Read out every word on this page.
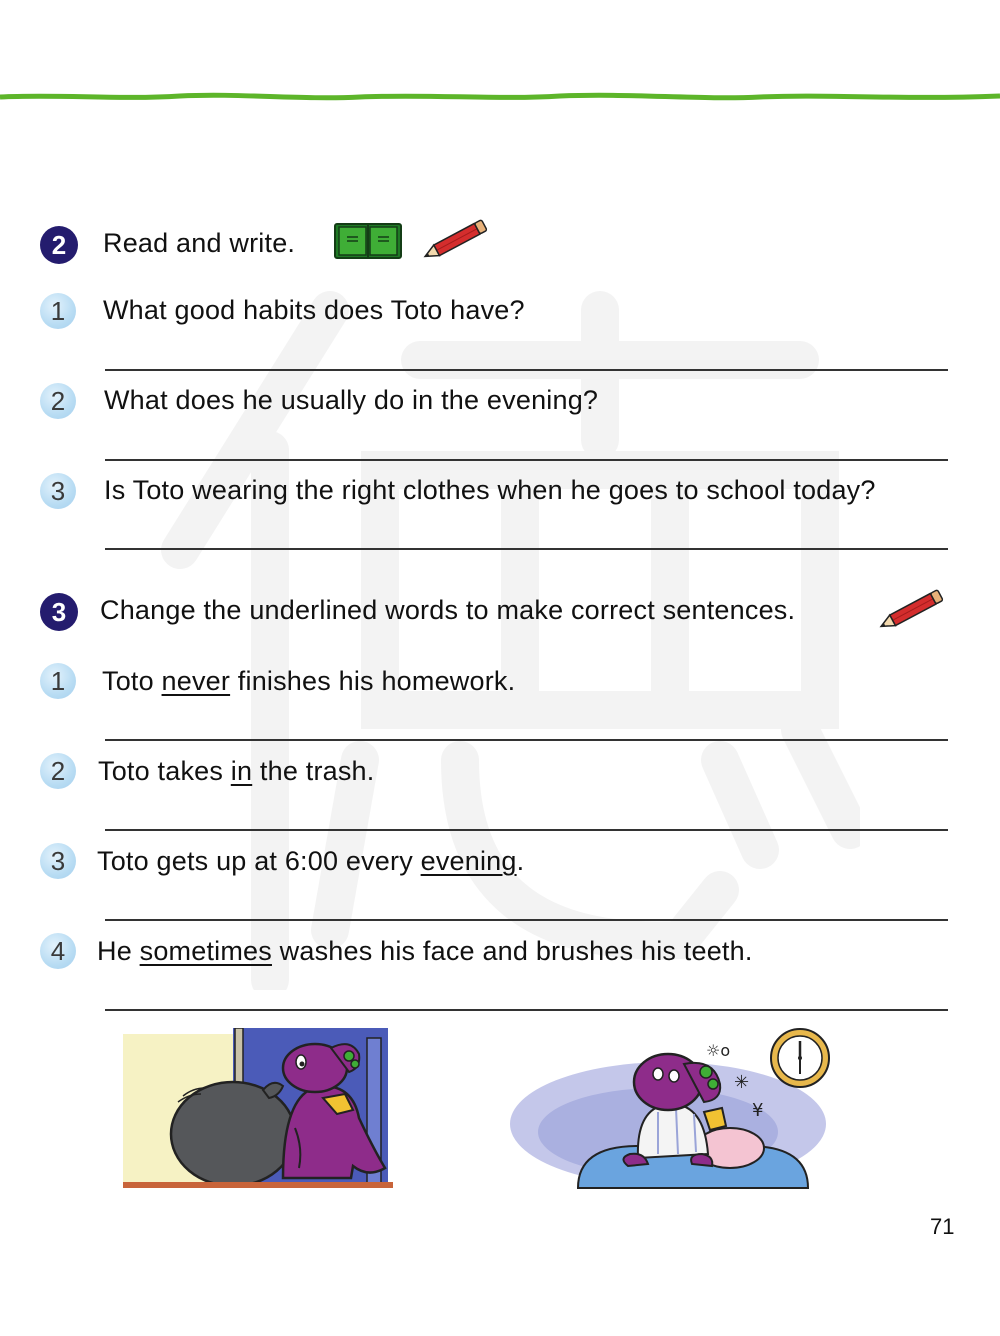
2	Read and write.
1	What good habits does Toto have?
2	What does he usually do in the evening?
3	Is Toto wearing the right clothes when he goes to school today?
3	Change the underlined words to make correct sentences.
1	Toto never finishes his homework.
2	Toto takes in the trash.
3	Toto gets up at 6:00 every evening.
4	He sometimes washes his face and brushes his teeth.
☼o
✳
¥
71
